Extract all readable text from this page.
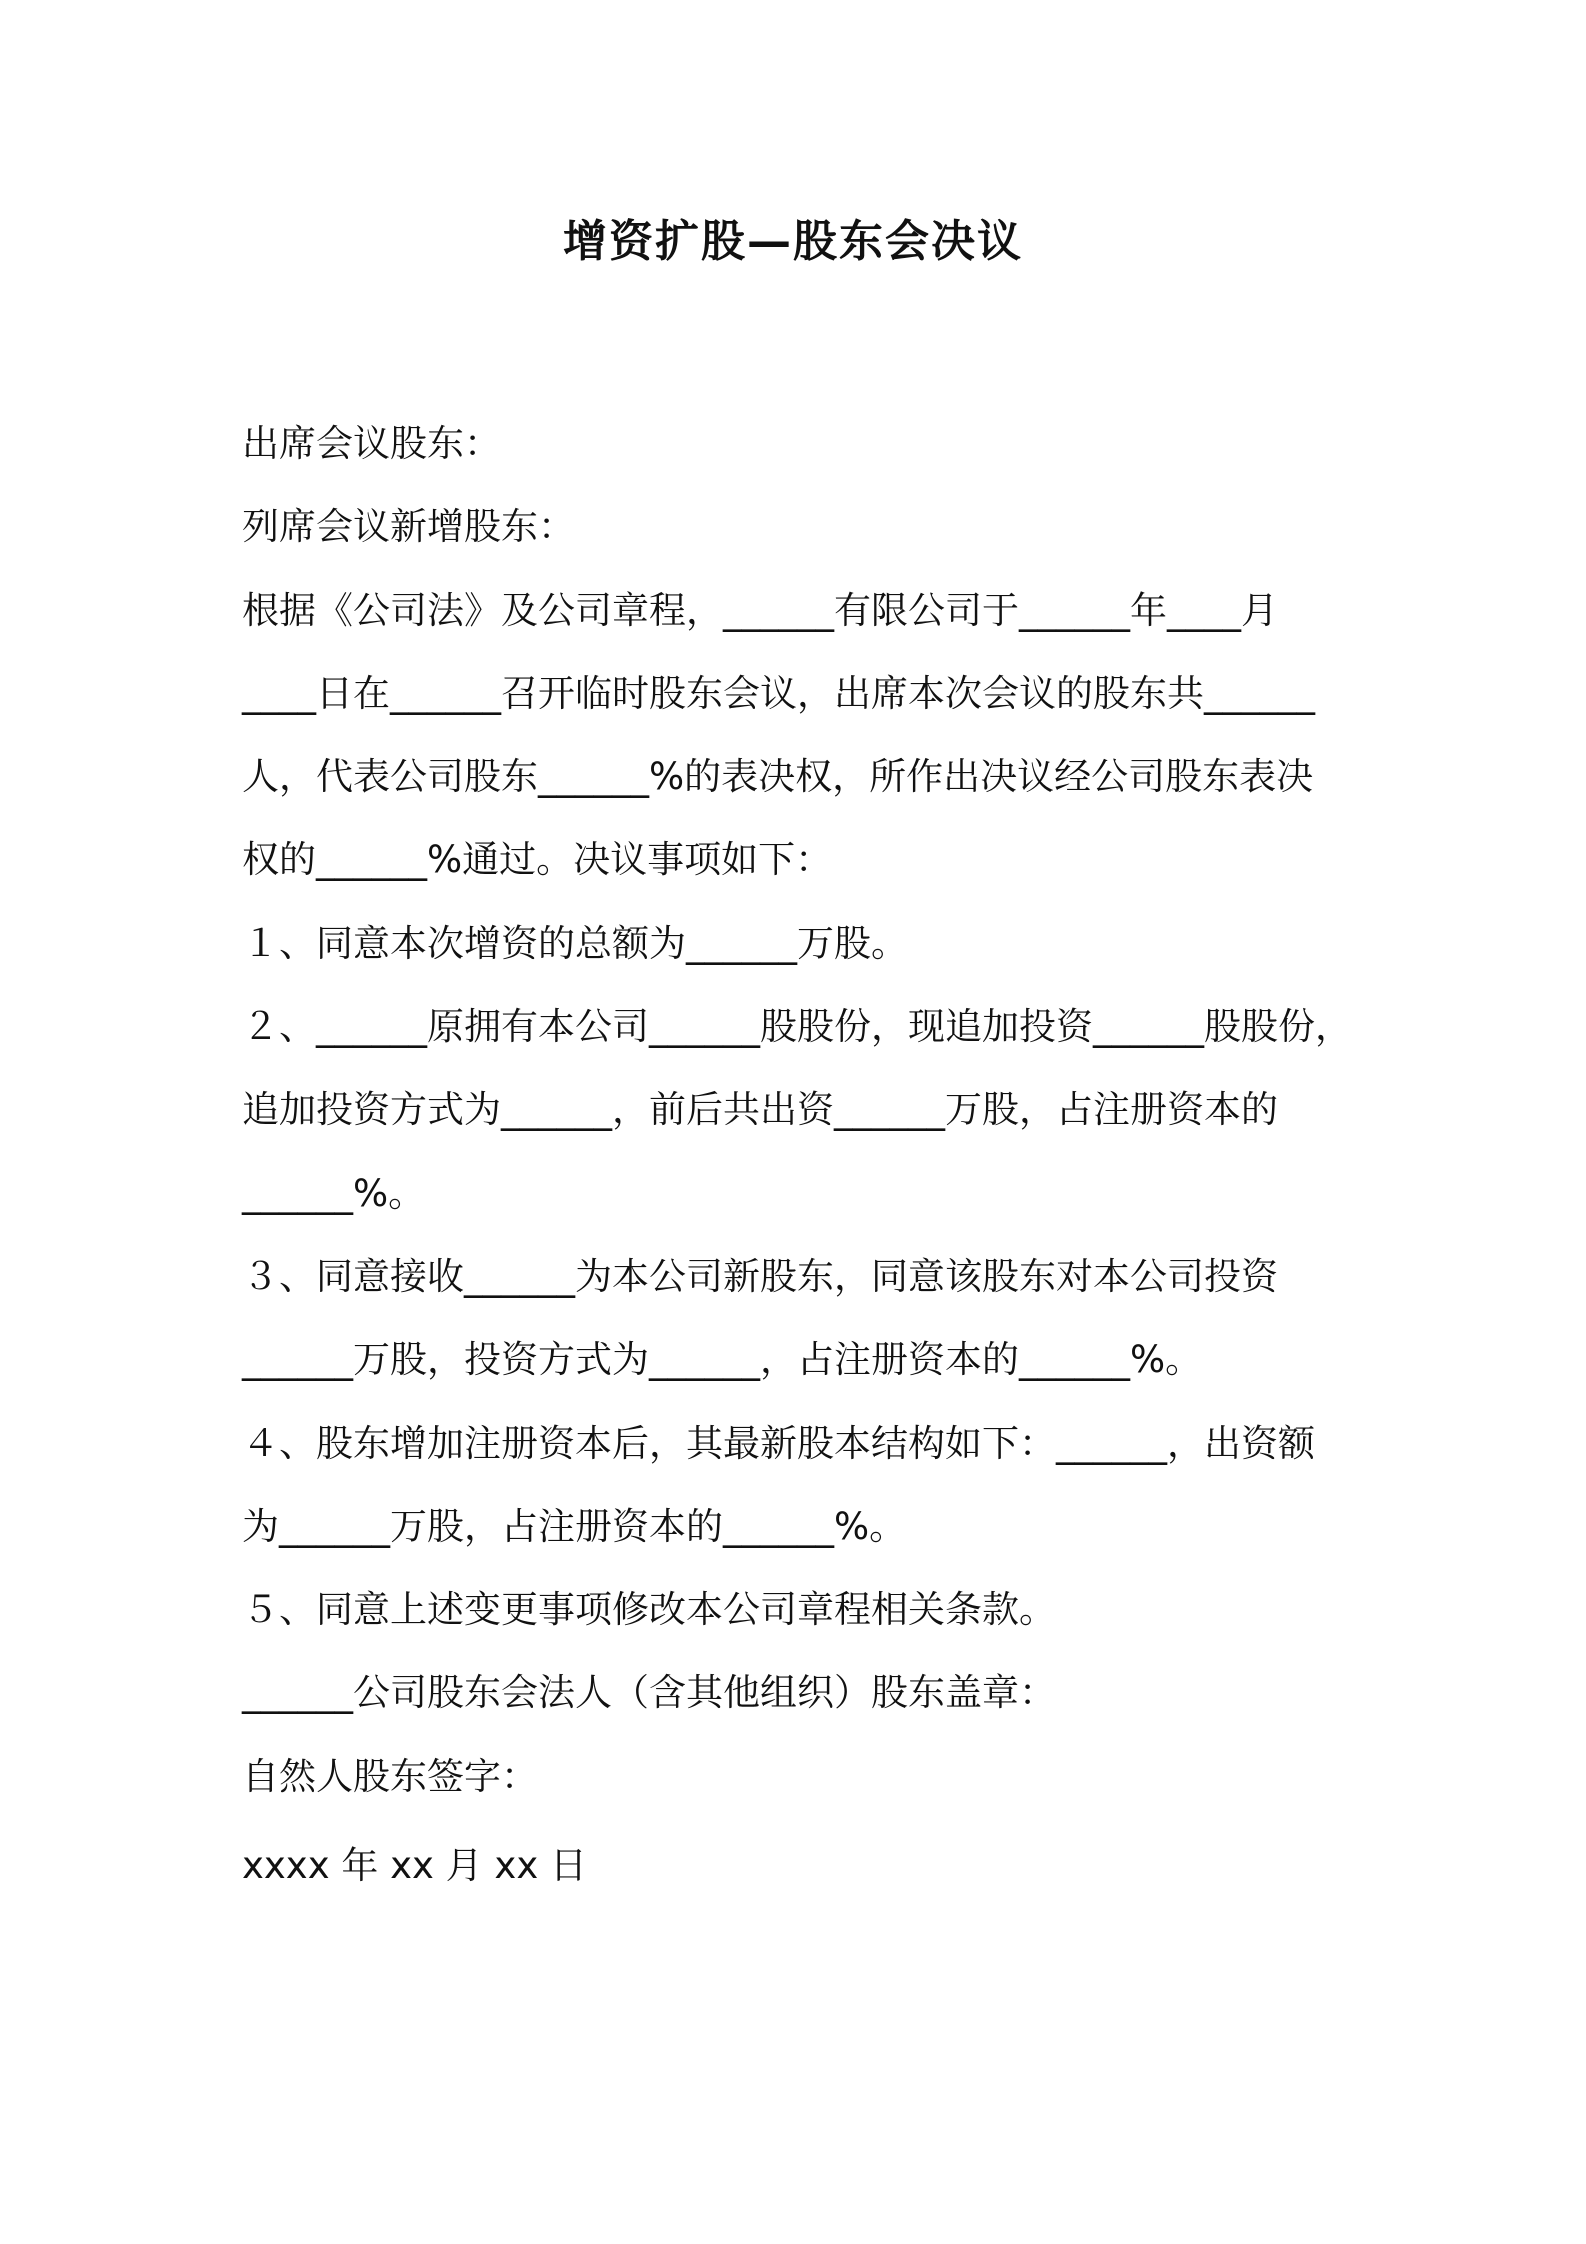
增资扩股—股东会决议
出席会议股东：
列席会议新增股东：
根据《公司法》及公司章程，______有限公司于______年____月
____日在______召开临时股东会议，出席本次会议的股东共______
人，代表公司股东______%的表决权，所作出决议经公司股东表决
权的______%通过。决议事项如下：
１、同意本次增资的总额为______万股。
２、______原拥有本公司______股股份，现追加投资______股股份，
追加投资方式为______，前后共出资______万股，占注册资本的
______%。
３、同意接收______为本公司新股东，同意该股东对本公司投资
______万股，投资方式为______，占注册资本的______%。
４、股东增加注册资本后，其最新股本结构如下：______，出资额
为______万股，占注册资本的______%。
５、同意上述变更事项修改本公司章程相关条款。
______公司股东会法人（含其他组织）股东盖章：
自然人股东签字：
xxxx 年 xx 月 xx 日
